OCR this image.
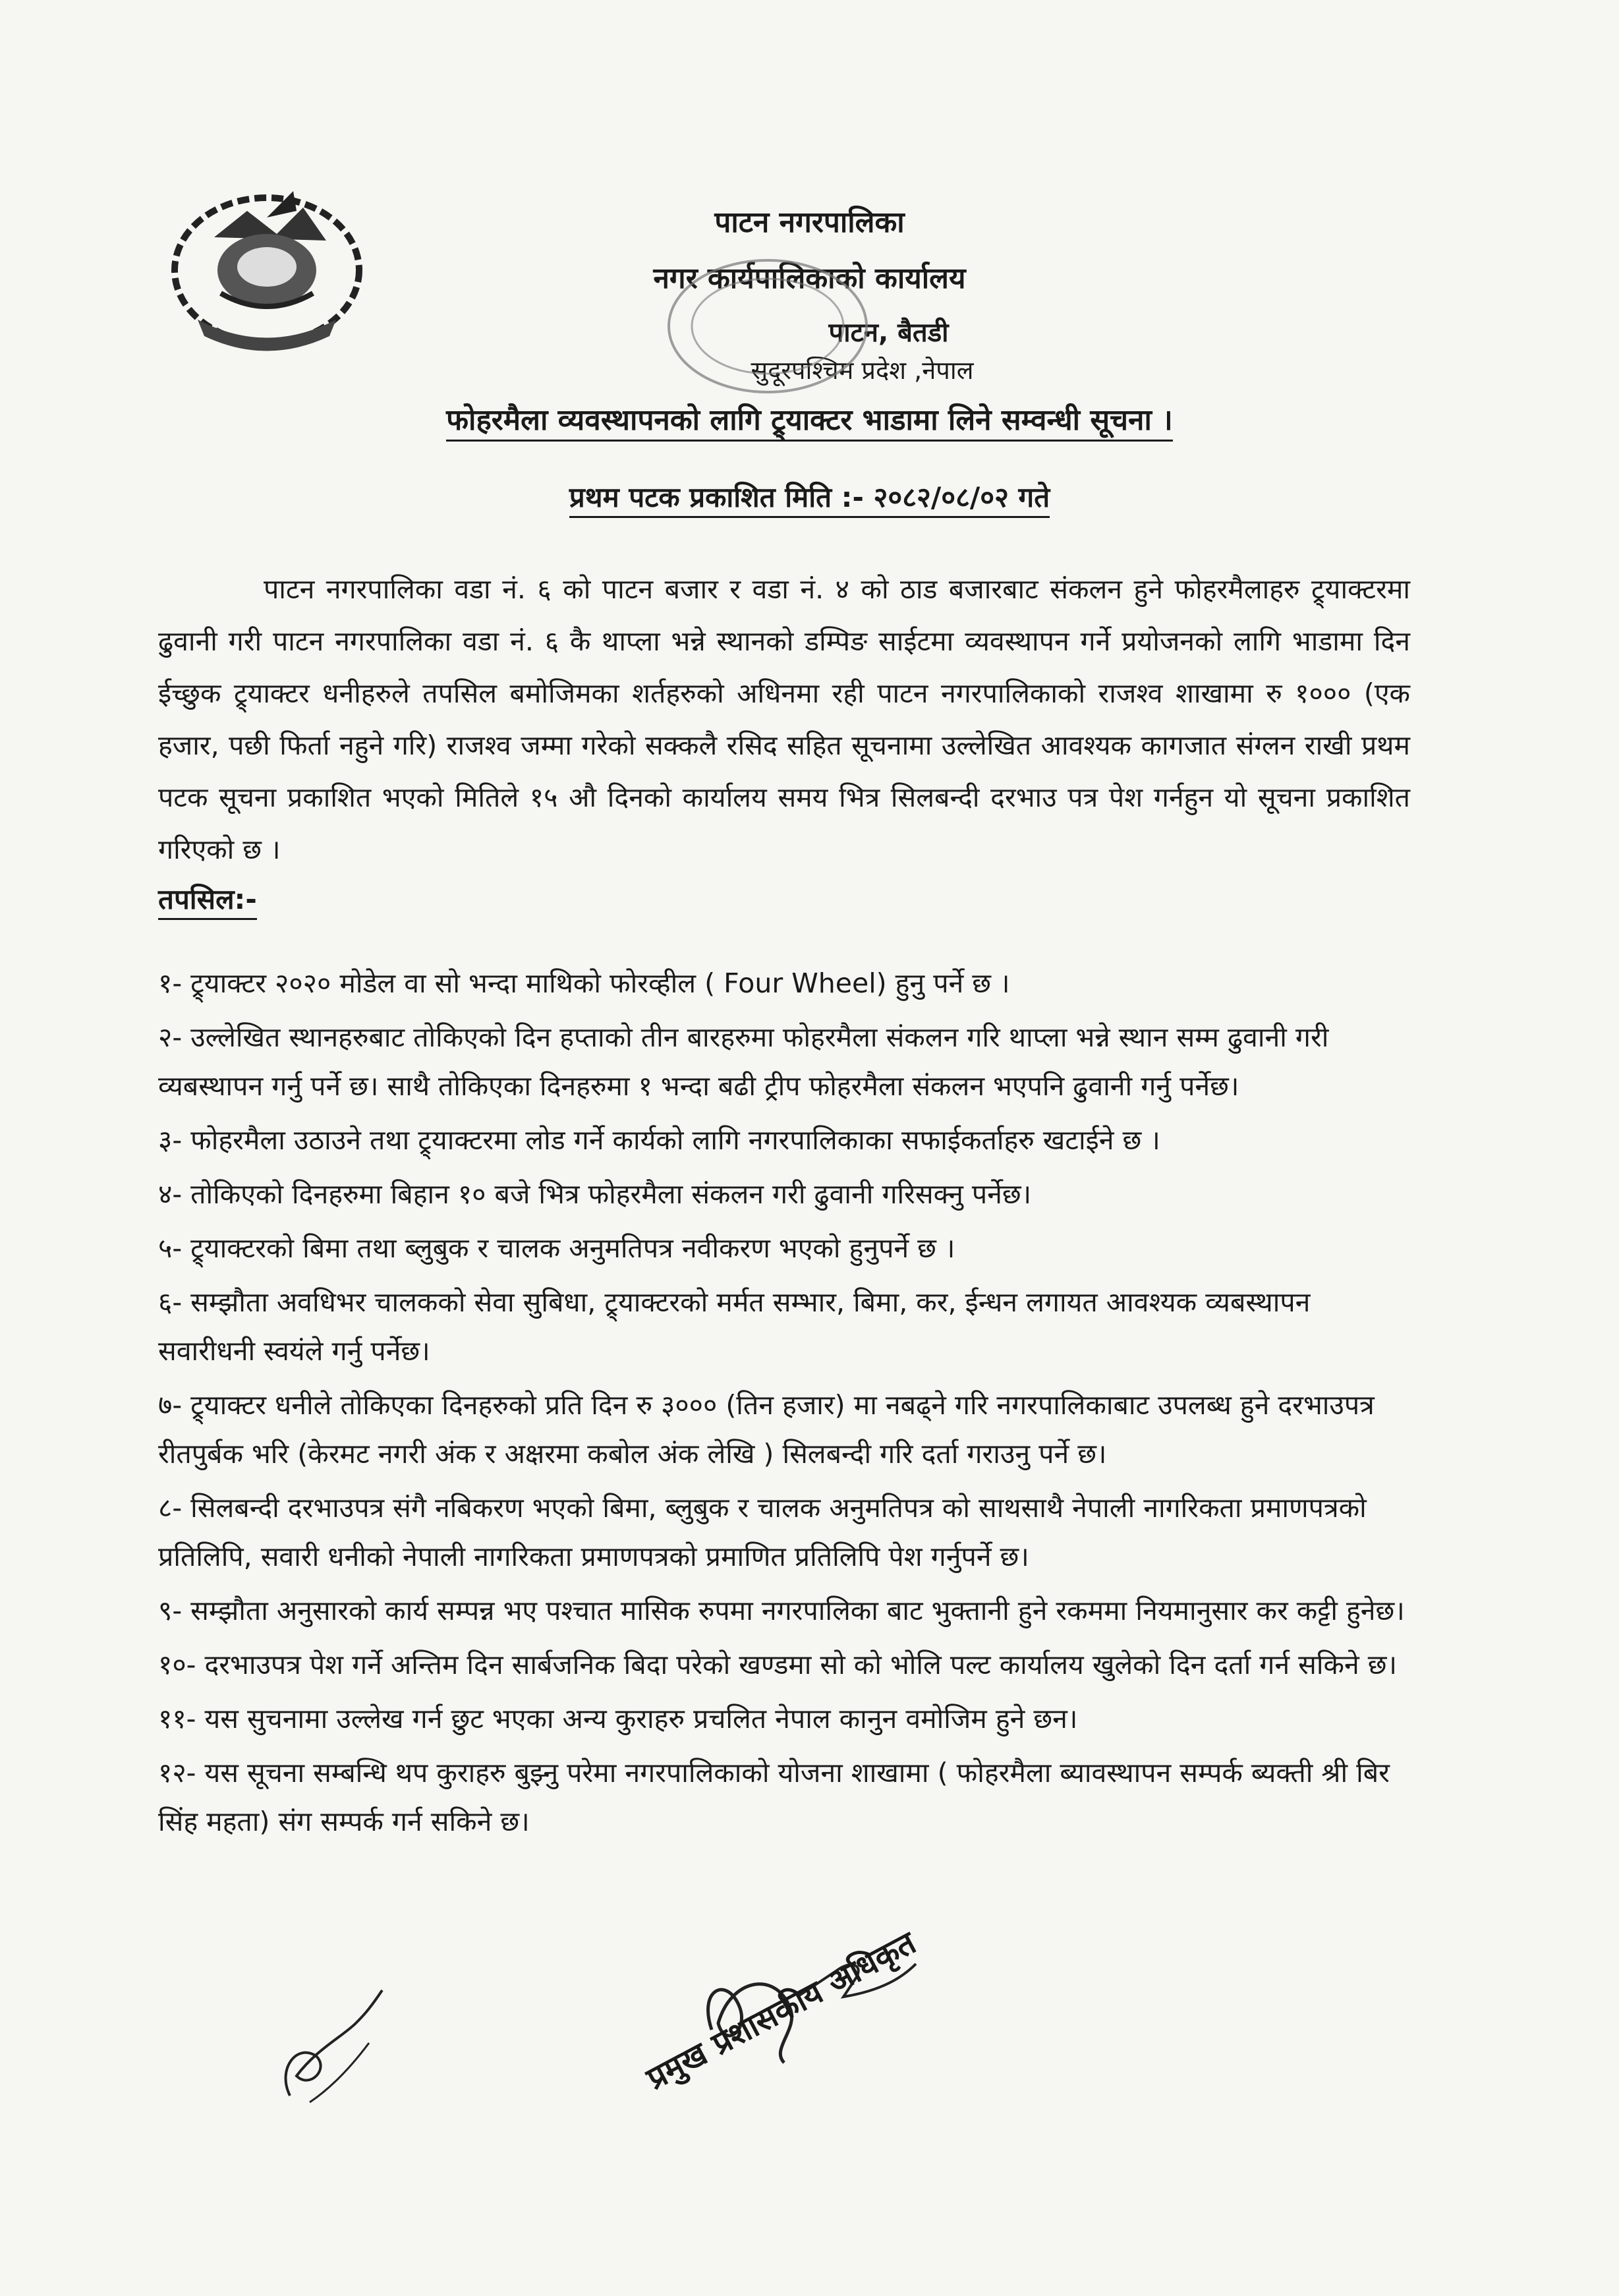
पाटन नगरपालिका
नगर कार्यपालिकाको कार्यालय
पाटन, बैतडी
सुदूरपश्चिम प्रदेश ,नेपाल
फोहरमैला व्यवस्थापनको लागि ट्र्याक्टर भाडामा लिने सम्वन्धी सूचना ।
प्रथम पटक प्रकाशित मिति :- २०८२/०८/०२ गते
पाटन नगरपालिका वडा नं. ६ को पाटन बजार र वडा नं. ४ को ठाड बजारबाट संकलन हुने फोहरमैलाहरु ट्र्याक्टरमा ढुवानी गरी पाटन नगरपालिका वडा नं. ६ कै थाप्ला भन्ने स्थानको डम्पिङ साईटमा व्यवस्थापन गर्ने प्रयोजनको लागि भाडामा दिन ईच्छुक ट्र्याक्टर धनीहरुले तपसिल बमोजिमका शर्तहरुको अधिनमा रही पाटन नगरपालिकाको राजश्व शाखामा रु १००० (एक हजार, पछी फिर्ता नहुने गरि) राजश्व जम्मा गरेको सक्कलै रसिद सहित सूचनामा उल्लेखित आवश्यक कागजात संग्लन राखी प्रथम पटक सूचना प्रकाशित भएको मितिले १५ औ दिनको कार्यालय समय भित्र सिलबन्दी दरभाउ पत्र पेश गर्नहुन यो सूचना प्रकाशित गरिएको छ ।
तपसिल:-

१- ट्र्याक्टर २०२० मोडेल वा सो भन्दा माथिको फोरव्हील ( Four Wheel) हुनु पर्ने छ ।

२- उल्लेखित स्थानहरुबाट तोकिएको दिन हप्ताको तीन बारहरुमा फोहरमैला संकलन गरि थाप्ला भन्ने स्थान सम्म ढुवानी गरी व्यबस्थापन गर्नु पर्ने छ। साथै तोकिएका दिनहरुमा १ भन्दा बढी ट्रीप फोहरमैला संकलन भएपनि ढुवानी गर्नु पर्नेछ।

३- फोहरमैला उठाउने तथा ट्र्याक्टरमा लोड गर्ने कार्यको लागि नगरपालिकाका सफाईकर्ताहरु खटाईने छ ।

४- तोकिएको दिनहरुमा बिहान १० बजे भित्र फोहरमैला संकलन गरी ढुवानी गरिसक्नु पर्नेछ।

५- ट्र्याक्टरको बिमा तथा ब्लुबुक र चालक अनुमतिपत्र नवीकरण भएको हुनुपर्ने छ ।

६- सम्झौता अवधिभर चालकको सेवा सुबिधा, ट्र्याक्टरको मर्मत सम्भार, बिमा, कर, ईन्धन लगायत आवश्यक व्यबस्थापन सवारीधनी स्वयंले गर्नु पर्नेछ।

७- ट्र्याक्टर धनीले तोकिएका दिनहरुको प्रति दिन रु ३००० (तिन हजार) मा नबढ्ने गरि नगरपालिकाबाट उपलब्ध हुने दरभाउपत्र रीतपुर्बक भरि (केरमट नगरी अंक र अक्षरमा कबोल अंक लेखि ) सिलबन्दी गरि दर्ता गराउनु पर्ने छ।

८- सिलबन्दी दरभाउपत्र संगै नबिकरण भएको बिमा, ब्लुबुक र चालक अनुमतिपत्र को साथसाथै नेपाली नागरिकता प्रमाणपत्रको प्रतिलिपि, सवारी धनीको नेपाली नागरिकता प्रमाणपत्रको प्रमाणित प्रतिलिपि पेश गर्नुपर्ने छ।

९- सम्झौता अनुसारको कार्य सम्पन्न भए पश्चात मासिक रुपमा नगरपालिका बाट भुक्तानी हुने रकममा नियमानुसार कर कट्टी हुनेछ।

१०- दरभाउपत्र पेश गर्ने अन्तिम दिन सार्बजनिक बिदा परेको खण्डमा सो को भोलि पल्ट कार्यालय खुलेको दिन दर्ता गर्न सकिने छ।

११- यस सुचनामा उल्लेख गर्न छुट भएका अन्य कुराहरु प्रचलित नेपाल कानुन वमोजिम हुने छन।

१२- यस सूचना सम्बन्धि थप कुराहरु बुझ्नु परेमा नगरपालिकाको योजना शाखामा ( फोहरमैला ब्यावस्थापन सम्पर्क ब्यक्ती श्री बिर सिंह महता) संग सम्पर्क गर्न सकिने छ।

प्रमुख प्रशासकीय अधिकृत
